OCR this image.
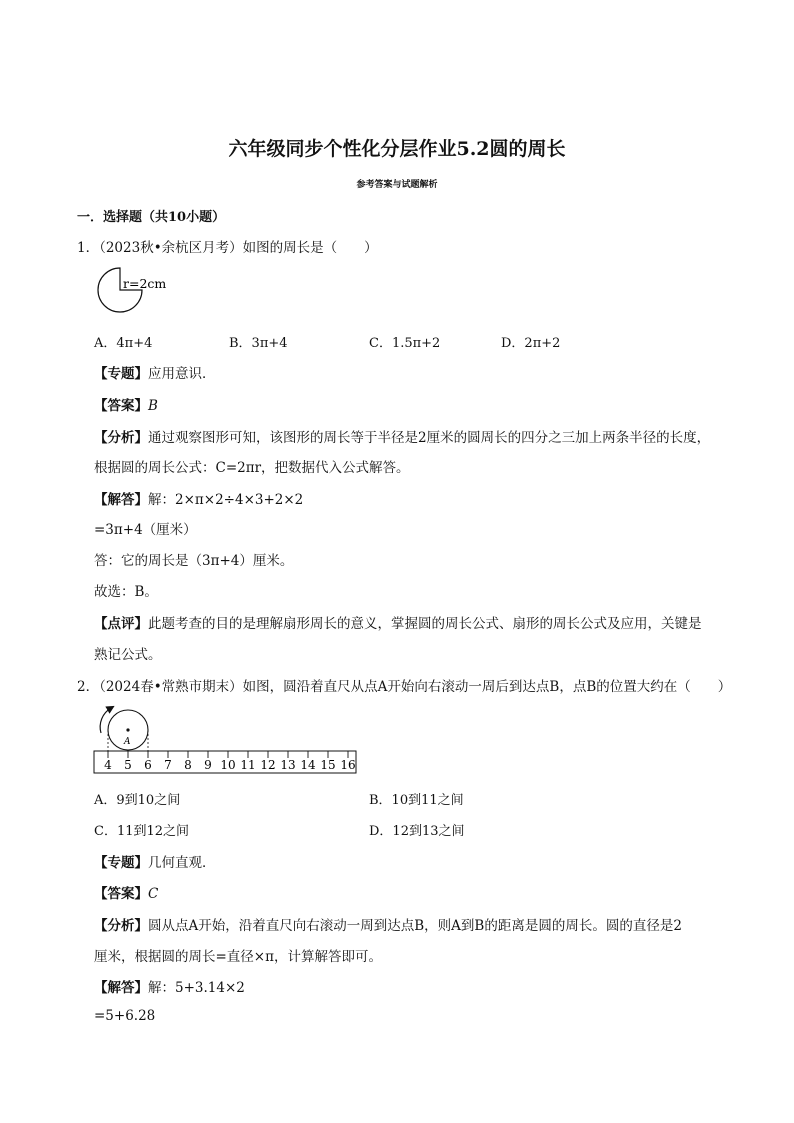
六年级同步个性化分层作业5.2圆的周长
参考答案与试题解析
一．选择题（共10小题）
1．（2023秋•余杭区月考）如图的周长是（　　）
r=2cm
A．4π+4	B．3π+4	C．1.5π+2	D．2π+2
【专题】应用意识．
【答案】B
【分析】通过观察图形可知，该图形的周长等于半径是2厘米的圆周长的四分之三加上两条半径的长度，
根据圆的周长公式：C=2πr，把数据代入公式解答。
【解答】解：2×π×2÷4×3+2×2
=3π+4（厘米）
答：它的周长是（3π+4）厘米。
故选：B。
【点评】此题考查的目的是理解扇形周长的意义，掌握圆的周长公式、扇形的周长公式及应用，关键是
熟记公式。
2．（2024春•常熟市期末）如图，圆沿着直尺从点A开始向右滚动一周后到达点B，点B的位置大约在（　　）
A
4 5 6 7 8 9 10 11 12 13 14 15 16
A．9到10之间	B．10到11之间
C．11到12之间	D．12到13之间
【专题】几何直观．
【答案】C
【分析】圆从点A开始，沿着直尺向右滚动一周到达点B，则A到B的距离是圆的周长。圆的直径是2
厘米，根据圆的周长=直径×π，计算解答即可。
【解答】解：5+3.14×2
=5+6.28
